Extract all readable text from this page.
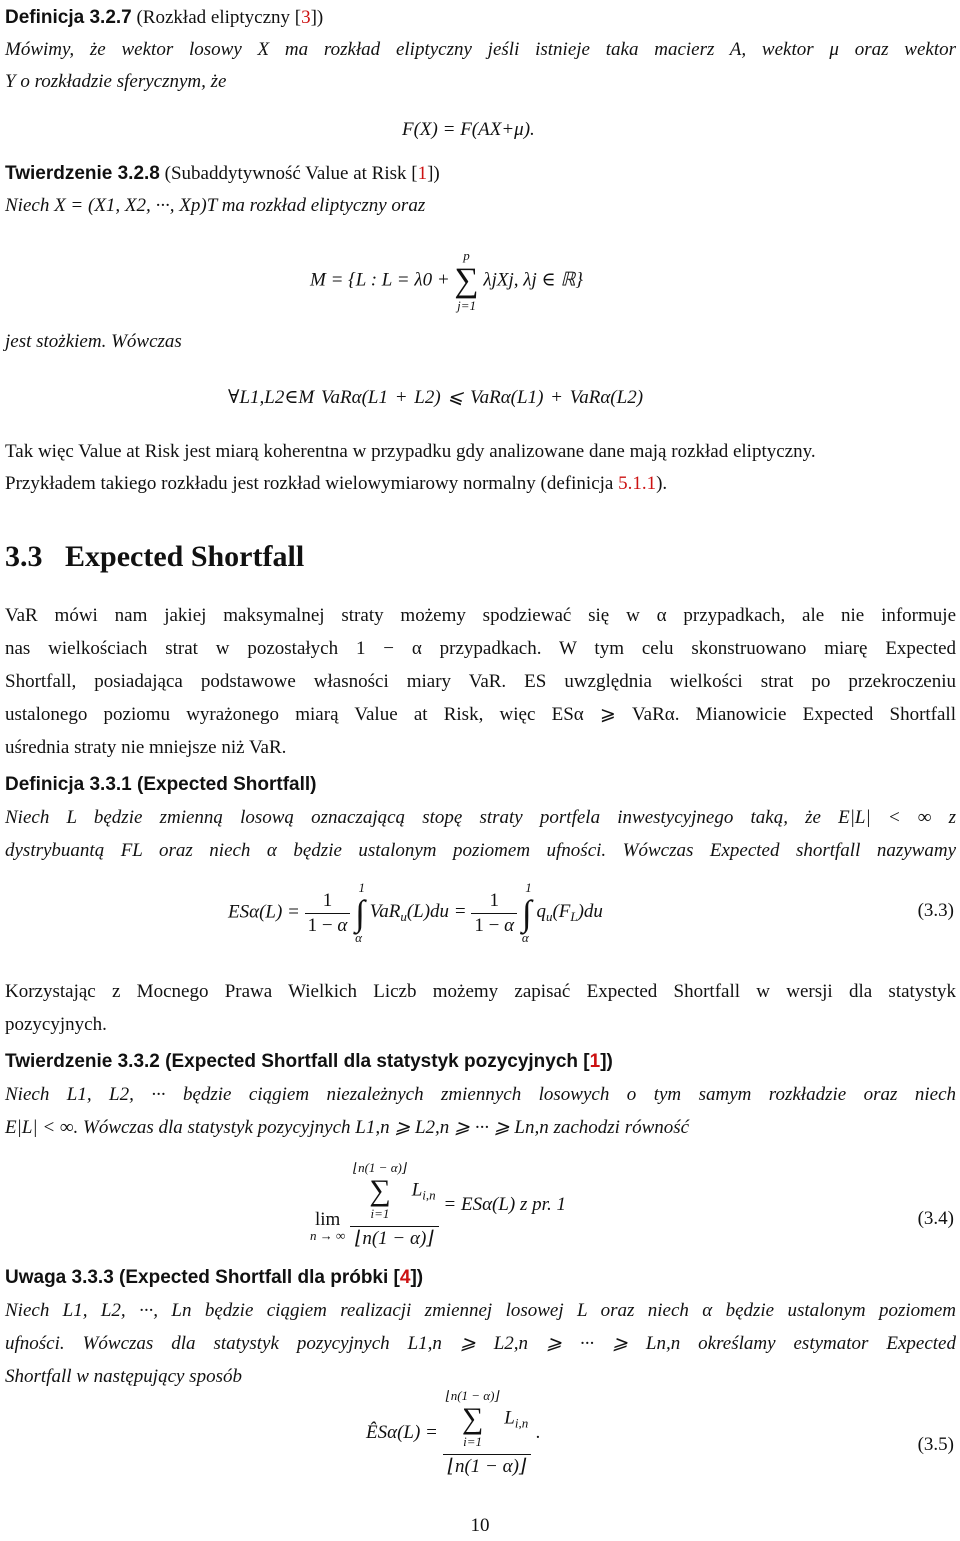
Definicja 3.2.7 (Rozkład eliptyczny [3])
Mówimy, że wektor losowy X ma rozkład eliptyczny jeśli istnieje taka macierz A, wektor μ oraz wektor
Y o rozkładzie sferycznym, że
F(X) = F(AX+μ).
Twierdzenie 3.2.8 (Subaddytywność Value at Risk [1])
Niech X = (X1, X2, ···, Xp)T ma rozkład eliptyczny oraz
M = {L : L = λ0 +
p
∑
j=1
λjXj, λj ∈ ℝ}
jest stożkiem. Wówczas
∀L1,L2∈M VaRα(L1 + L2) ⩽ VaRα(L1) + VaRα(L2)
Tak więc Value at Risk jest miarą koherentna w przypadku gdy analizowane dane mają rozkład eliptyczny.
Przykładem takiego rozkładu jest rozkład wielowymiarowy normalny (definicja 5.1.1).
3.3 Expected Shortfall
VaR mówi nam jakiej maksymalnej straty możemy spodziewać się w α przypadkach, ale nie informuje
nas wielkościach strat w pozostałych 1 − α przypadkach. W tym celu skonstruowano miarę Expected
Shortfall, posiadająca podstawowe własności miary VaR. ES uwzględnia wielkości strat po przekroczeniu
ustalonego poziomu wyrażonego miarą Value at Risk, więc ESα ⩾ VaRα. Mianowicie Expected Shortfall
uśrednia straty nie mniejsze niż VaR.
Definicja 3.3.1 (Expected Shortfall)
Niech L będzie zmienną losową oznaczającą stopę straty portfela inwestycyjnego taką, że E|L| < ∞ z
dystrybuantą FL oraz niech α będzie ustalonym poziomem ufności. Wówczas Expected shortfall nazywamy
$ES\alpha(L) = \frac{1}{1 - \alpha}$

1
∫
α
$VaR_u(L)du = \frac{1}{1 - \alpha}$

1
∫
α
$q_u(F_L)du$	(3.3)
Korzystając z Mocnego Prawa Wielkich Liczb możemy zapisać Expected Shortfall w wersji dla statystyk
pozycyjnych.
Twierdzenie 3.3.2 (Expected Shortfall dla statystyk pozycyjnych [1])
Niech L1, L2, ··· będzie ciągiem niezależnych zmiennych losowych o tym samym rozkładzie oraz niech
E|L| < ∞. Wówczas dla statystyk pozycyjnych L1,n ⩾ L2,n ⩾ ··· ⩾ Ln,n zachodzi równość
lim
n → ∞
⌊n(1 − α)⌋
∑
i=1
$L_{i,n}$
⌊n(1 − α)⌋ = ESα(L) z pr. 1
(3.4)
Uwaga 3.3.3 (Expected Shortfall dla próbki [4])
Niech L1, L2, ···, Ln będzie ciągiem realizacji zmiennej losowej L oraz niech α będzie ustalonym poziomem
ufności. Wówczas dla statystyk pozycyjnych L1,n ⩾ L2,n ⩾ ··· ⩾ Ln,n określamy estymator Expected
Shortfall w następujący sposób
ÊSα(L) = ⌊n(1 − α)⌋
∑
i=1
$L_{i,n}$
⌊n(1 − α)⌋ .
(3.5)
10
